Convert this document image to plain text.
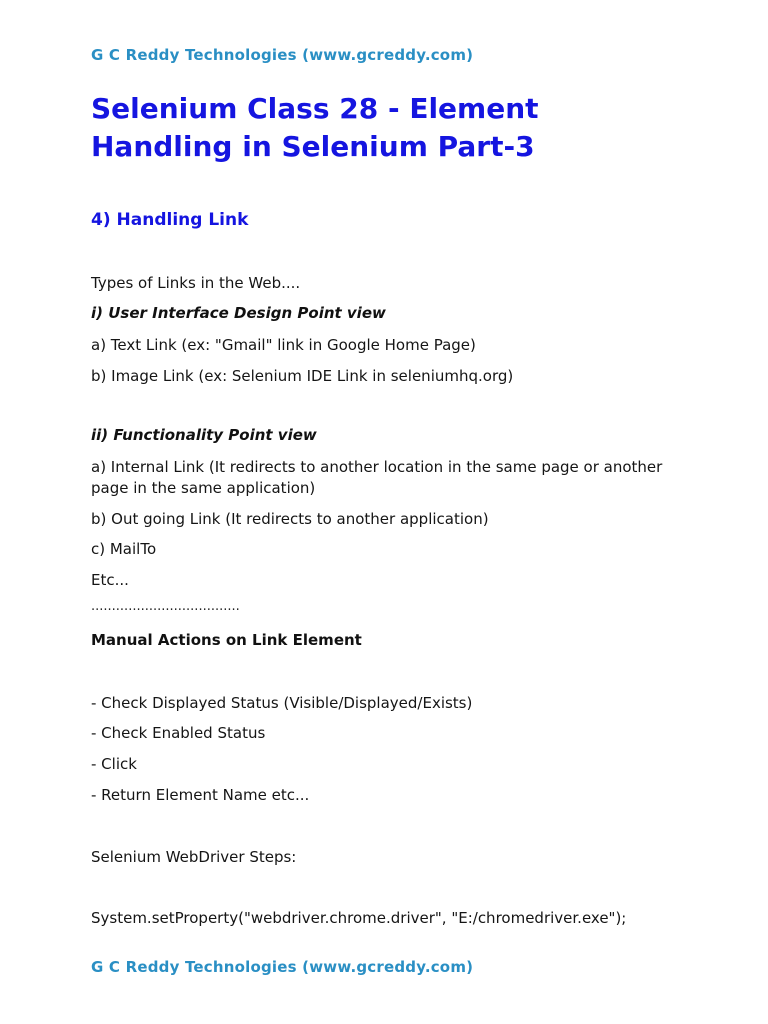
G C Reddy Technologies (www.gcreddy.com)
Selenium Class 28 - Element
Handling in Selenium Part-3
4) Handling Link
Types of Links in the Web....
i) User Interface Design Point view
a) Text Link (ex: "Gmail" link in Google Home Page)
b) Image Link (ex: Selenium IDE Link in seleniumhq.org)
ii) Functionality Point view
a) Internal Link (It redirects to another location in the same page or another page in the same application)
b) Out going Link (It redirects to another application)
c) MailTo
Etc...
....................................
Manual Actions on Link Element
- Check Displayed Status (Visible/Displayed/Exists)
- Check Enabled Status
- Click
- Return Element Name etc...
Selenium WebDriver Steps:
System.setProperty("webdriver.chrome.driver", "E:/chromedriver.exe");
G C Reddy Technologies (www.gcreddy.com)
